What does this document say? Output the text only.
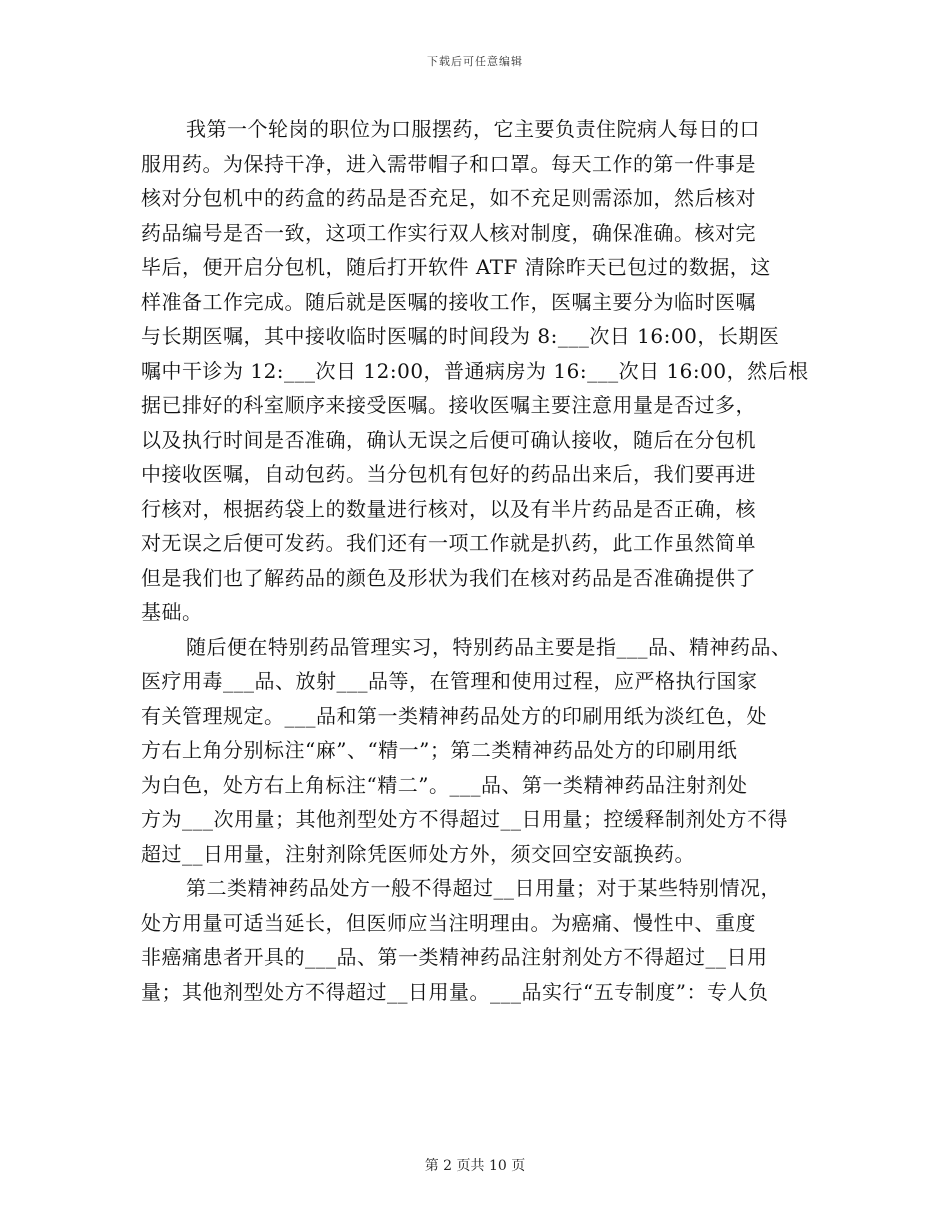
下载后可任意编辑
我第一个轮岗的职位为口服摆药，它主要负责住院病人每日的口
服用药。为保持干净，进入需带帽子和口罩。每天工作的第一件事是
核对分包机中的药盒的药品是否充足，如不充足则需添加，然后核对
药品编号是否一致，这项工作实行双人核对制度，确保准确。核对完
毕后，便开启分包机，随后打开软件 ATF 清除昨天已包过的数据，这
样准备工作完成。随后就是医嘱的接收工作，医嘱主要分为临时医嘱
与长期医嘱，其中接收临时医嘱的时间段为 8:___次日 16:00，长期医
嘱中干诊为 12:___次日 12:00，普通病房为 16:___次日 16:00，然后根
据已排好的科室顺序来接受医嘱。接收医嘱主要注意用量是否过多，
以及执行时间是否准确，确认无误之后便可确认接收，随后在分包机
中接收医嘱，自动包药。当分包机有包好的药品出来后，我们要再进
行核对，根据药袋上的数量进行核对，以及有半片药品是否正确，核
对无误之后便可发药。我们还有一项工作就是扒药，此工作虽然简单
但是我们也了解药品的颜色及形状为我们在核对药品是否准确提供了
基础。
随后便在特别药品管理实习，特别药品主要是指___品、精神药品、
医疗用毒___品、放射___品等，在管理和使用过程，应严格执行国家
有关管理规定。___品和第一类精神药品处方的印刷用纸为淡红色，处
方右上角分别标注“麻”、“精一”；第二类精神药品处方的印刷用纸
为白色，处方右上角标注“精二”。___品、第一类精神药品注射剂处
方为___次用量；其他剂型处方不得超过__日用量；控缓释制剂处方不得
超过__日用量，注射剂除凭医师处方外，须交回空安瓿换药。
第二类精神药品处方一般不得超过__日用量；对于某些特别情况，
处方用量可适当延长，但医师应当注明理由。为癌痛、慢性中、重度
非癌痛患者开具的___品、第一类精神药品注射剂处方不得超过__日用
量；其他剂型处方不得超过__日用量。___品实行“五专制度”：专人负
第 2 页共 10 页
